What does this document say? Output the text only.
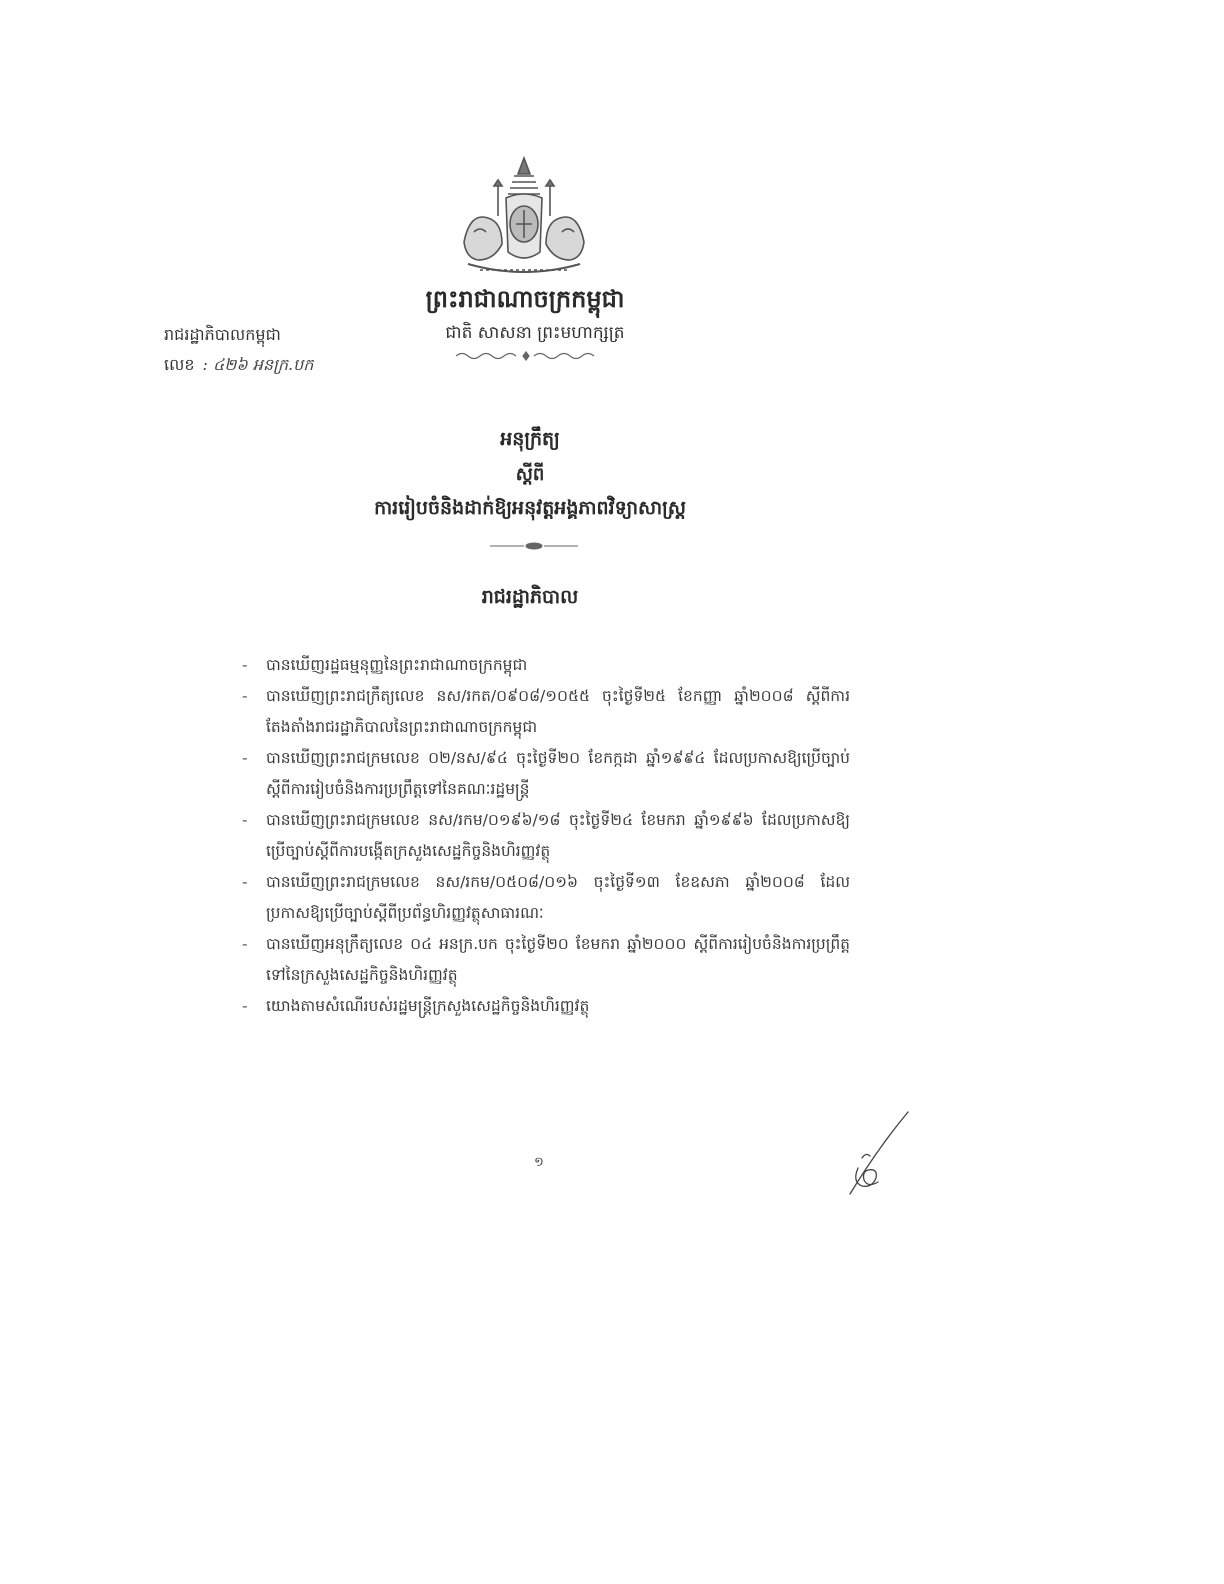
ព្រះរាជាណាចក្រកម្ពុជា
ជាតិ សាសនា ព្រះមហាក្សត្រ
រាជរដ្ឋាភិបាលកម្ពុជា
លេខ : ៤២៦ អនក្រ.បក
អនុក្រឹត្យ
ស្តីពី
ការរៀបចំនិងដាក់ឱ្យអនុវត្តអង្គភាពវិទ្យាសាស្ត្រ
រាជរដ្ឋាភិបាល
- បានឃើញរដ្ឋធម្មនុញ្ញនៃព្រះរាជាណាចក្រកម្ពុជា
- បានឃើញព្រះរាជក្រឹត្យលេខ នស/រកត/០៩០៨/១០៥៥ ចុះថ្ងៃទី២៥ ខែកញ្ញា ឆ្នាំ២០០៨ ស្តីពីការតែងតាំងរាជរដ្ឋាភិបាលនៃព្រះរាជាណាចក្រកម្ពុជា
- បានឃើញព្រះរាជក្រមលេខ ០២/នស/៩៤ ចុះថ្ងៃទី២០ ខែកក្កដា ឆ្នាំ១៩៩៤ ដែលប្រកាសឱ្យប្រើច្បាប់ស្តីពីការរៀបចំនិងការប្រព្រឹត្តទៅនៃគណៈរដ្ឋមន្ត្រី
- បានឃើញព្រះរាជក្រមលេខ នស/រកម/០១៩៦/១៨ ចុះថ្ងៃទី២៤ ខែមករា ឆ្នាំ១៩៩៦ ដែលប្រកាសឱ្យប្រើច្បាប់ស្តីពីការបង្កើតក្រសួងសេដ្ឋកិច្ចនិងហិរញ្ញវត្ថុ
- បានឃើញព្រះរាជក្រមលេខ នស/រកម/០៥០៨/០១៦ ចុះថ្ងៃទី១៣ ខែឧសភា ឆ្នាំ២០០៨ ដែលប្រកាសឱ្យប្រើច្បាប់ស្តីពីប្រព័ន្ធហិរញ្ញវត្ថុសាធារណៈ
- បានឃើញអនុក្រឹត្យលេខ ០៤ អនក្រ.បក ចុះថ្ងៃទី២០ ខែមករា ឆ្នាំ២០០០ ស្តីពីការរៀបចំនិងការប្រព្រឹត្តទៅនៃក្រសួងសេដ្ឋកិច្ចនិងហិរញ្ញវត្ថុ
- យោងតាមសំណើរបស់រដ្ឋមន្ត្រីក្រសួងសេដ្ឋកិច្ចនិងហិរញ្ញវត្ថុ
១
